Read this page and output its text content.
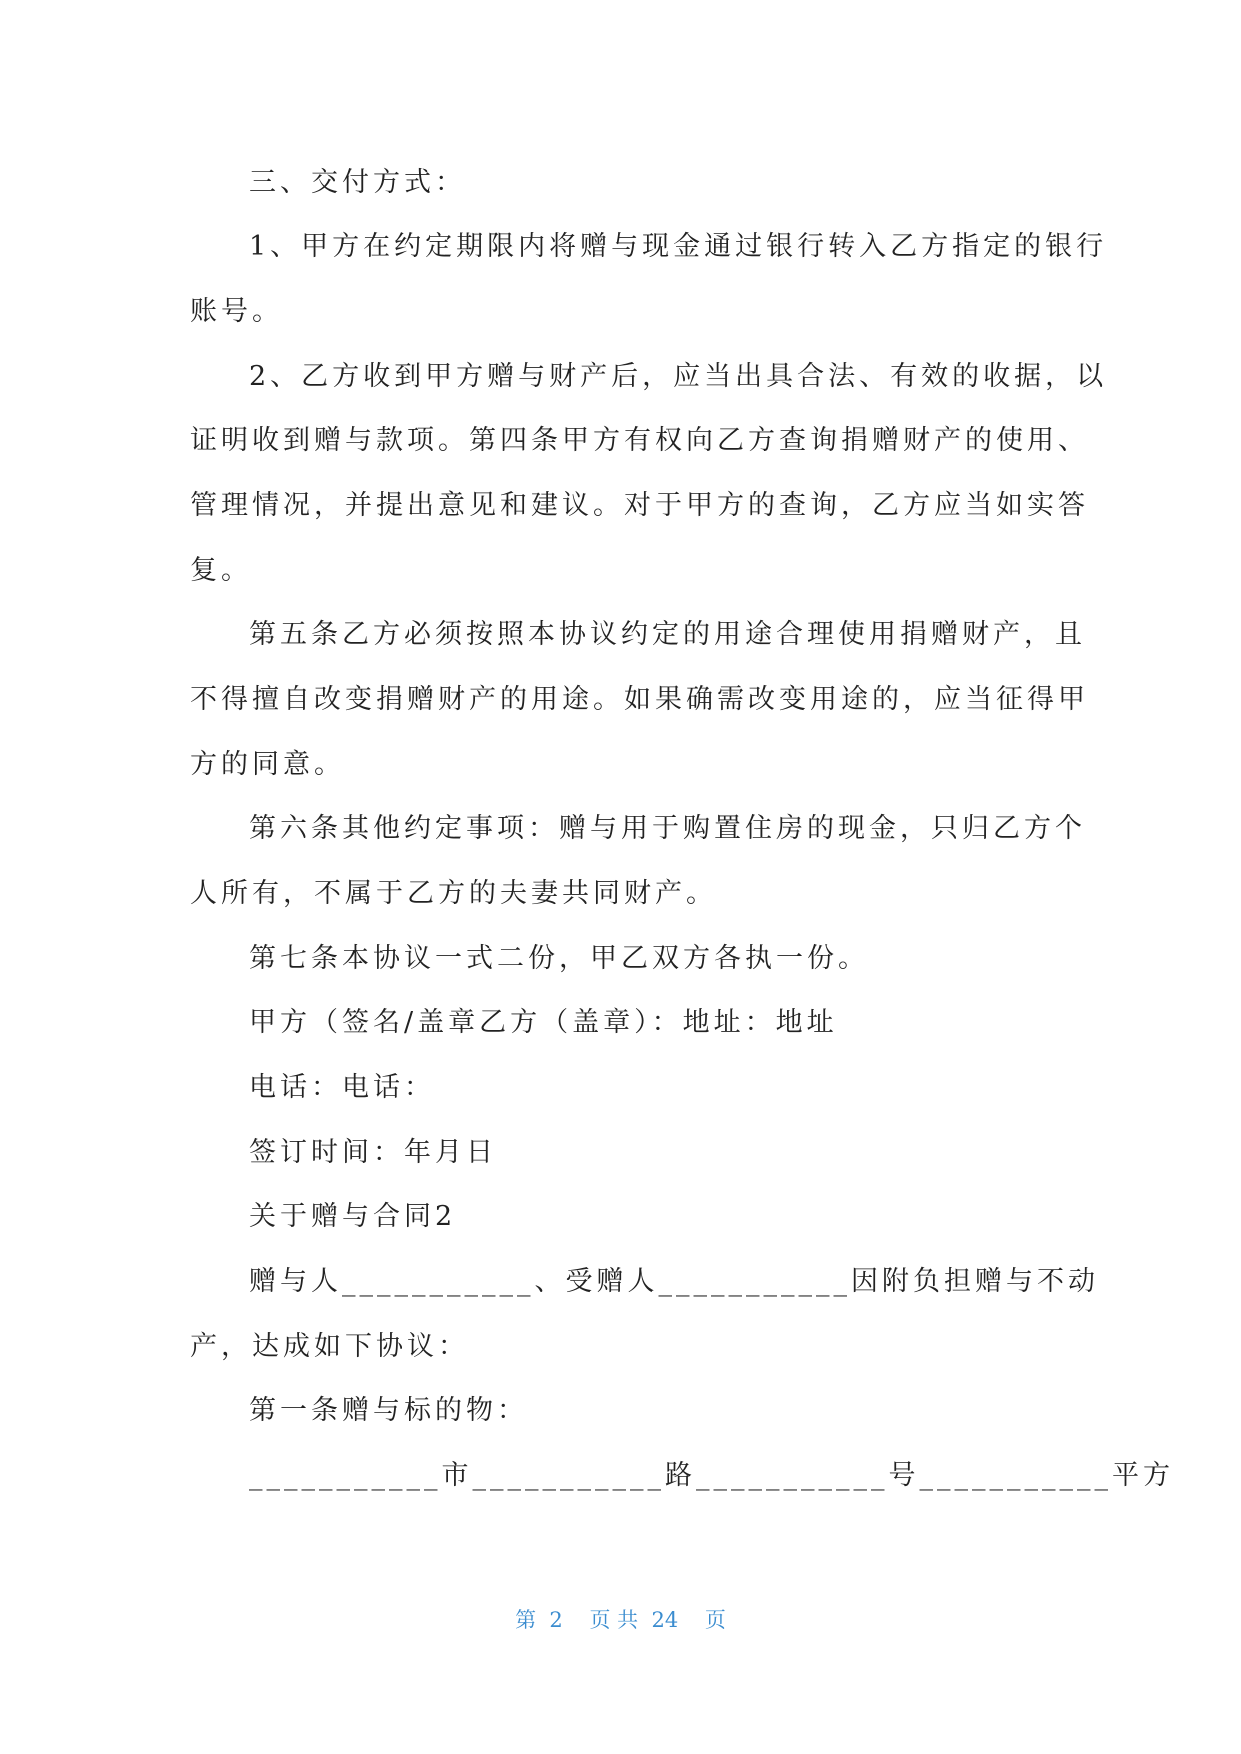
三、交付方式：
1、甲方在约定期限内将赠与现金通过银行转入乙方指定的银行
账号。
2、乙方收到甲方赠与财产后，应当出具合法、有效的收据，以
证明收到赠与款项。第四条甲方有权向乙方查询捐赠财产的使用、
管理情况，并提出意见和建议。对于甲方的查询，乙方应当如实答
复。
第五条乙方必须按照本协议约定的用途合理使用捐赠财产，且
不得擅自改变捐赠财产的用途。如果确需改变用途的，应当征得甲
方的同意。
第六条其他约定事项：赠与用于购置住房的现金，只归乙方个
人所有，不属于乙方的夫妻共同财产。
第七条本协议一式二份，甲乙双方各执一份。
甲方（签名/盖章乙方（盖章）：地址：地址
电话：电话：
签订时间：年月日
关于赠与合同2
赠与人___________、受赠人___________因附负担赠与不动
产，达成如下协议：
第一条赠与标的物：
___________市___________路___________号___________平方
第  2    页 共  24    页
